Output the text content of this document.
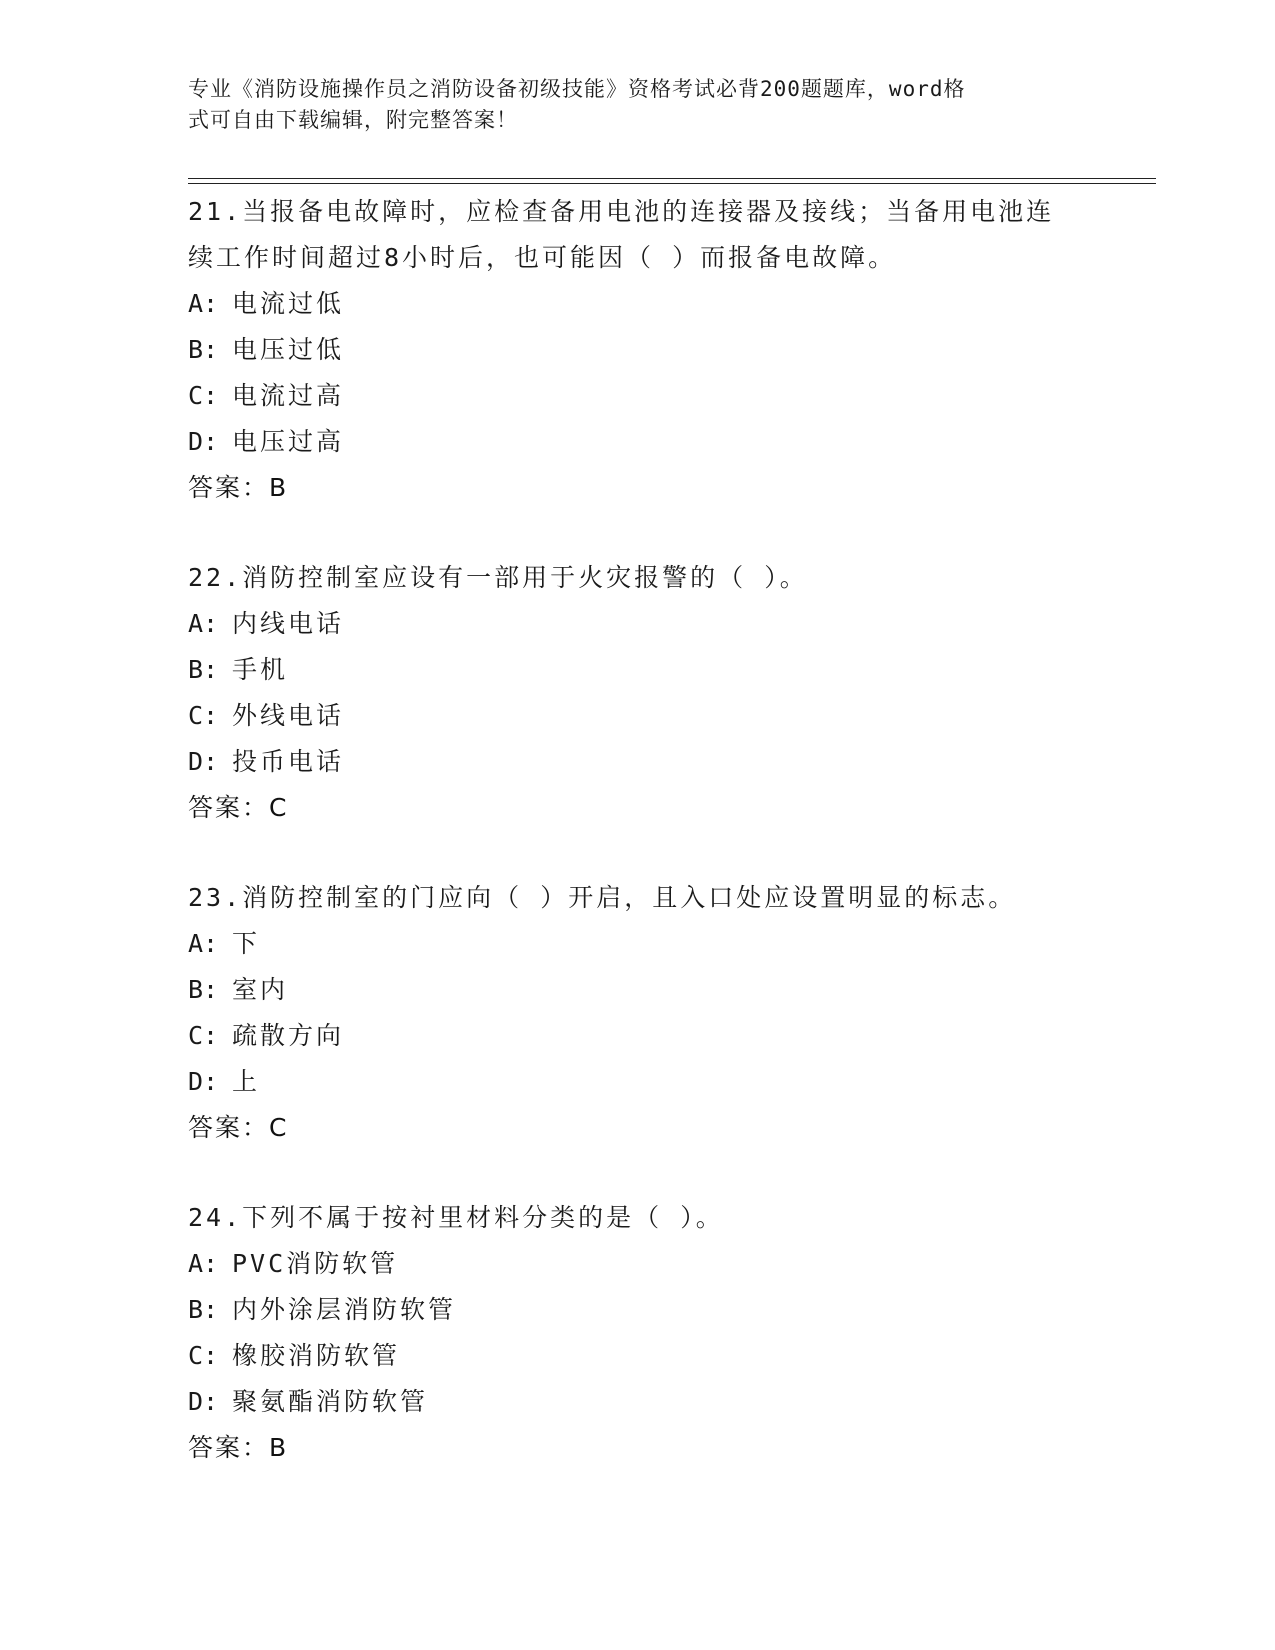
专业《消防设施操作员之消防设备初级技能》资格考试必背200题题库，word格
式可自由下载编辑，附完整答案！
21.当报备电故障时，应检查备用电池的连接器及接线；当备用电池连
续工作时间超过8小时后，也可能因（ ）而报备电故障。
A: 电流过低
B: 电压过低
C: 电流过高
D: 电压过高
答案：B
22.消防控制室应设有一部用于火灾报警的（ ）。
A: 内线电话
B: 手机
C: 外线电话
D: 投币电话
答案：C
23.消防控制室的门应向（ ）开启，且入口处应设置明显的标志。
A: 下
B: 室内
C: 疏散方向
D: 上
答案：C
24.下列不属于按衬里材料分类的是（ ）。
A: PVC消防软管
B: 内外涂层消防软管
C: 橡胶消防软管
D: 聚氨酯消防软管
答案：B
